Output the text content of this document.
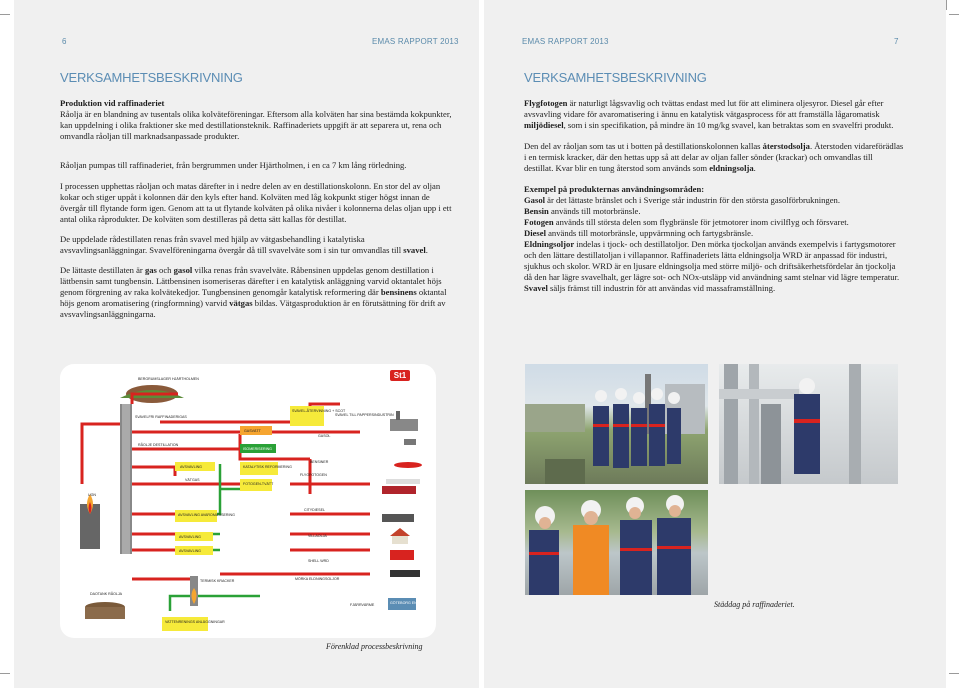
6	EMAS RAPPORT 2013
VERKSAMHETSBESKRIVNING

Produktion vid raffinaderiet

Råolja är en blandning av tusentals olika kolväteföreningar. Eftersom alla kolväten har sina bestämda kokpunkter, kan uppdelning i olika fraktioner ske med destillationsteknik. Raffinaderiets uppgift är att separera ut, rena och omvandla råoljan till marknadsanpassade produkter.

Råoljan pumpas till raffinaderiet, från bergrummen under Hjärtholmen, i en ca 7 km lång rörledning.

I processen upphettas råoljan och matas därefter in i nedre delen av en destillationskolonn. En stor del av oljan kokar och stiger uppåt i kolonnen där den kyls efter hand. Kolväten med låg kokpunkt stiger högst innan de övergår till flytande form igen. Genom att ta ut flytande kolväten på olika nivåer i kolonnerna delas oljan upp i ett antal olika råprodukter. De kolväten som destilleras på detta sätt kallas för destillat.

De uppdelade rådestillaten renas från svavel med hjälp av vätgasbehandling i katalytiska avsvavlingsanläggningar. Svavelföreningarna övergår då till svavelväte som i sin tur omvandlas till svavel.

De lättaste destillaten är gas och gasol vilka renas från svavelväte. Råbensinen uppdelas genom destillation i lättbensin samt tungbensin. Lättbensinen isomeriseras därefter i en katalytisk anläggning varvid oktantalet höjs genom förgrening av raka kolvätekedjor. Tungbensinen genomgår katalytisk reformering där bensinens oktantal höjs genom aromatisering (ringformning) varvid vätgas bildas. Vätgasproduktion är en förutsättning för drift av avsvavlingsanläggningarna.

Förenklad processbeskrivning
St1
BERGRUMSLAGER HJÄRTHOLMEN
UGN
GASVÄTT
ISOMERISERING
KATALYTISK REFORMERING
FOTOGEN-TVÄTT
AVSVAVLING
VÄTGAS
AVSVAVLING AVAROMATISERING
AVSVAVLING
AVSVAVLING
SVAVEL-ÅTERVINNING + SCOT
VATTENRENINGS ANLÄGGNINGAR
GÖTEBORG ENERGI AB
SVAVELFRI RAFFINADERIGAS
RÅOLJE DESTILLATION
SVAVEL TILL PAPPERSINDUSTRIN
GASOL
BENSINER
FLYGFOTOGEN
CITYDIESEL
VILLAOLJA
SHELL WRD
TERMISK KRACKER
DAOTANK RÅOLJA
MÖRKA ELDNINGSOLJOR
FJÄRRVÄRME
EMAS RAPPORT 2013	7
VERKSAMHETSBESKRIVNING

Flygfotogen är naturligt lågsvavlig och tvättas endast med lut för att eliminera oljesyror. Diesel går efter avsvavling vidare för avaromatisering i ännu en katalytisk vätgasprocess för att framställa lågaromatisk miljödiesel, som i sin specifikation, på mindre än 10 mg/kg svavel, kan betraktas som en svavelfri produkt.

Den del av råoljan som tas ut i botten på destillationskolonnen kallas återstodsolja. Återstoden vidareförädlas i en termisk kracker, där den hettas upp så att delar av oljan faller sönder (krackar) och omvandlas till destillat. Kvar blir en tung återstod som används som eldningsolja.

Exempel på produkternas användningsområden:
Gasol är det lättaste bränslet och i Sverige står industrin för den största gasolförbrukningen.
Bensin används till motorbränsle.
Fotogen används till största delen som flygbränsle för jetmotorer inom civilflyg och försvaret.
Diesel används till motorbränsle, uppvärmning och fartygsbränsle.
Eldningsoljor indelas i tjock- och destillatoljor. Den mörka tjockoljan används exempelvis i fartygsmotorer och den lättare destillatoljan i villapannor. Raffinaderiets lätta eldningsolja WRD är anpassad för industri, sjukhus och skolor. WRD är en ljusare eldningsolja med större miljö- och driftsäkerhetsfördelar än tjockolja då den har lägre svavelhalt, ger lägre sot- och NOx-utsläpp vid användning samt stelnar vid lägre temperatur.
Svavel säljs främst till industrin för att användas vid massaframställning.

Städdag på raffinaderiet.
